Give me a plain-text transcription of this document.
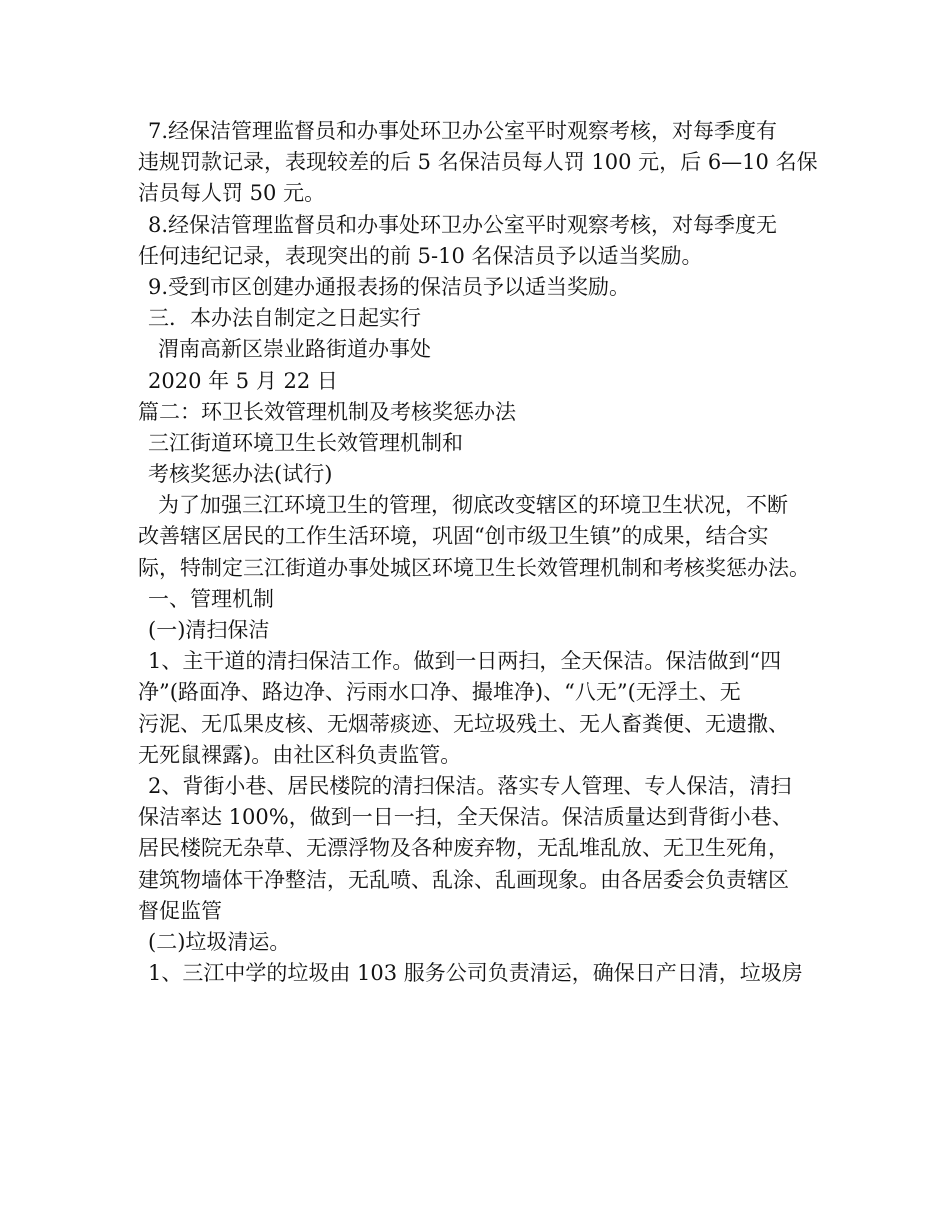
7.经保洁管理监督员和办事处环卫办公室平时观察考核，对每季度有
违规罚款记录，表现较差的后 5 名保洁员每人罚 100 元，后 6—10 名保
洁员每人罚 50 元。
8.经保洁管理监督员和办事处环卫办公室平时观察考核，对每季度无
任何违纪记录，表现突出的前 5-10 名保洁员予以适当奖励。
9.受到市区创建办通报表扬的保洁员予以适当奖励。
三．本办法自制定之日起实行
渭南高新区崇业路街道办事处
2020 年 5 月 22 日
篇二：环卫长效管理机制及考核奖惩办法
三江街道环境卫生长效管理机制和
考核奖惩办法(试行)
为了加强三江环境卫生的管理，彻底改变辖区的环境卫生状况，不断
改善辖区居民的工作生活环境，巩固“创市级卫生镇”的成果，结合实
际，特制定三江街道办事处城区环境卫生长效管理机制和考核奖惩办法。
一、管理机制
(一)清扫保洁
1、主干道的清扫保洁工作。做到一日两扫，全天保洁。保洁做到“四
净”(路面净、路边净、污雨水口净、撮堆净)、“八无”(无浮土、无
污泥、无瓜果皮核、无烟蒂痰迹、无垃圾残土、无人畜粪便、无遗撒、
无死鼠裸露)。由社区科负责监管。
2、背街小巷、居民楼院的清扫保洁。落实专人管理、专人保洁，清扫
保洁率达 100%，做到一日一扫，全天保洁。保洁质量达到背街小巷、
居民楼院无杂草、无漂浮物及各种废弃物，无乱堆乱放、无卫生死角，
建筑物墙体干净整洁，无乱喷、乱涂、乱画现象。由各居委会负责辖区
督促监管
(二)垃圾清运。
1、三江中学的垃圾由 103 服务公司负责清运，确保日产日清，垃圾房
